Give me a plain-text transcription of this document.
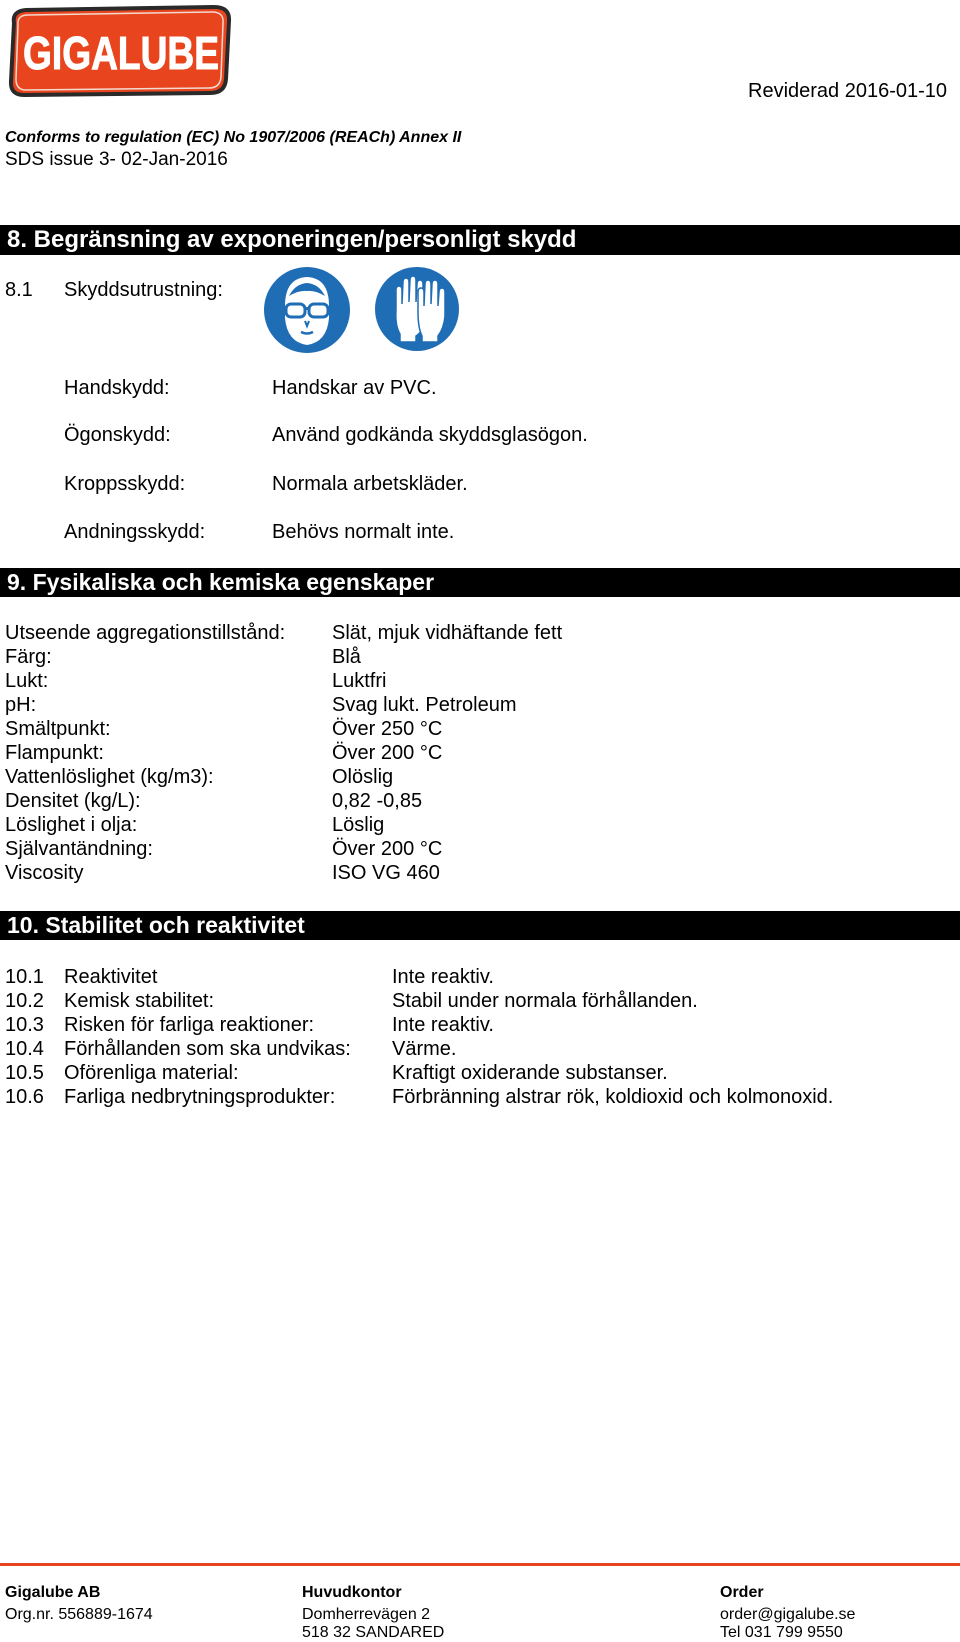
GIGALUBE
Reviderad 2016-01-10
Conforms to regulation (EC) No 1907/2006 (REACh) Annex II
SDS issue 3- 02-Jan-2016
8. Begränsning av exponeringen/personligt skydd
8.1 Skyddsutrustning:
Handskydd:	Handskar av PVC.
Ögonskydd:	Använd godkända skyddsglasögon.
Kroppsskydd:	Normala arbetskläder.
Andningsskydd:	Behövs normalt inte.
9. Fysikaliska och kemiska egenskaper
Utseende aggregationstillstånd: Slät, mjuk vidhäftande fett
Färg:	Blå
Lukt:	Luktfri
pH:	Svag lukt. Petroleum
Smältpunkt:	Över 250 °C
Flampunkt:	Över 200 °C
Vattenlöslighet (kg/m3):	Olöslig
Densitet (kg/L):	0,82 -0,85
Löslighet i olja:	Löslig
Självantändning:	Över 200 °C
Viscosity	ISO VG 460
10. Stabilitet och reaktivitet
10.1 Reaktivitet	Inte reaktiv.
10.2 Kemisk stabilitet:	Stabil under normala förhållanden.
10.3 Risken för farliga reaktioner:	Inte reaktiv.
10.4 Förhållanden som ska undvikas: Värme.
10.5 Oförenliga material:	Kraftigt oxiderande substanser.
10.6 Farliga nedbrytningsprodukter:	Förbränning alstrar rök, koldioxid och kolmonoxid.
Gigalube AB
Org.nr. 556889-1674
Huvudkontor
Domherrevägen 2
518 32 SANDARED
Order
order@gigalube.se
Tel 031 799 9550
